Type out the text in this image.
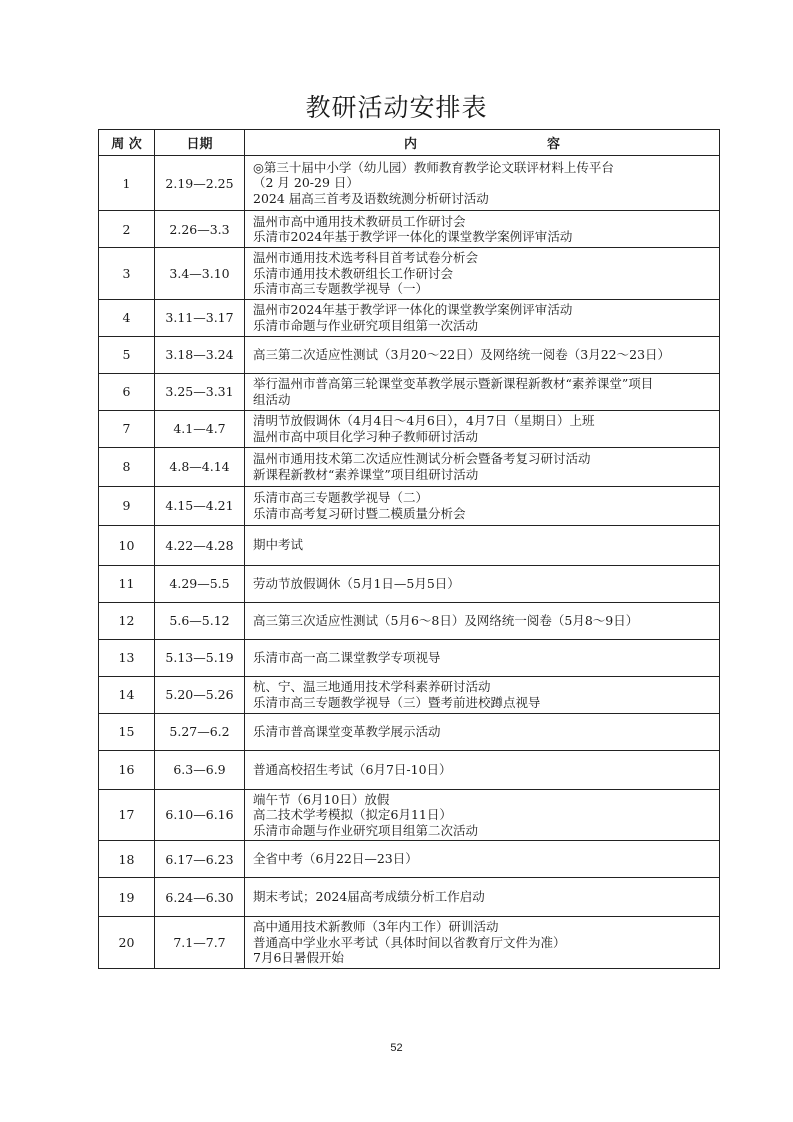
教研活动安排表
周 次	日期	内 容

1	2.19—2.25	◎第三十届中小学（幼儿园）教师教育教学论文联评材料上传平台
（2 月 20-29 日）
2024 届高三首考及语数统测分析研讨活动

2	2.26—3.3	温州市高中通用技术教研员工作研讨会
乐清市2024年基于教学评一体化的课堂教学案例评审活动

3	3.4—3.10	温州市通用技术选考科目首考试卷分析会
乐清市通用技术教研组长工作研讨会
乐清市高三专题教学视导（一）

4	3.11—3.17	温州市2024年基于教学评一体化的课堂教学案例评审活动
乐清市命题与作业研究项目组第一次活动

5	3.18—3.24	高三第二次适应性测试（3月20～22日）及网络统一阅卷（3月22～23日）

6	3.25—3.31	举行温州市普高第三轮课堂变革教学展示暨新课程新教材“素养课堂”项目
组活动

7	4.1—4.7	清明节放假调休（4月4日～4月6日），4月7日（星期日）上班
温州市高中项目化学习种子教师研讨活动

8	4.8—4.14	温州市通用技术第二次适应性测试分析会暨备考复习研讨活动
新课程新教材“素养课堂”项目组研讨活动

9	4.15—4.21	乐清市高三专题教学视导（二）
乐清市高考复习研讨暨二模质量分析会

10	4.22—4.28	期中考试

11	4.29—5.5	劳动节放假调休（5月1日—5月5日）

12	5.6—5.12	高三第三次适应性测试（5月6～8日）及网络统一阅卷（5月8～9日）

13	5.13—5.19	乐清市高一高二课堂教学专项视导

14	5.20—5.26	杭、宁、温三地通用技术学科素养研讨活动
乐清市高三专题教学视导（三）暨考前进校蹲点视导

15	5.27—6.2	乐清市普高课堂变革教学展示活动

16	6.3—6.9	普通高校招生考试（6月7日-10日）

17	6.10—6.16	端午节（6月10日）放假
高二技术学考模拟（拟定6月11日）
乐清市命题与作业研究项目组第二次活动

18	6.17—6.23	全省中考（6月22日—23日）

19	6.24—6.30	期末考试；2024届高考成绩分析工作启动

20	7.1—7.7	高中通用技术新教师（3年内工作）研训活动
普通高中学业水平考试（具体时间以省教育厅文件为准）
7月6日暑假开始
52
